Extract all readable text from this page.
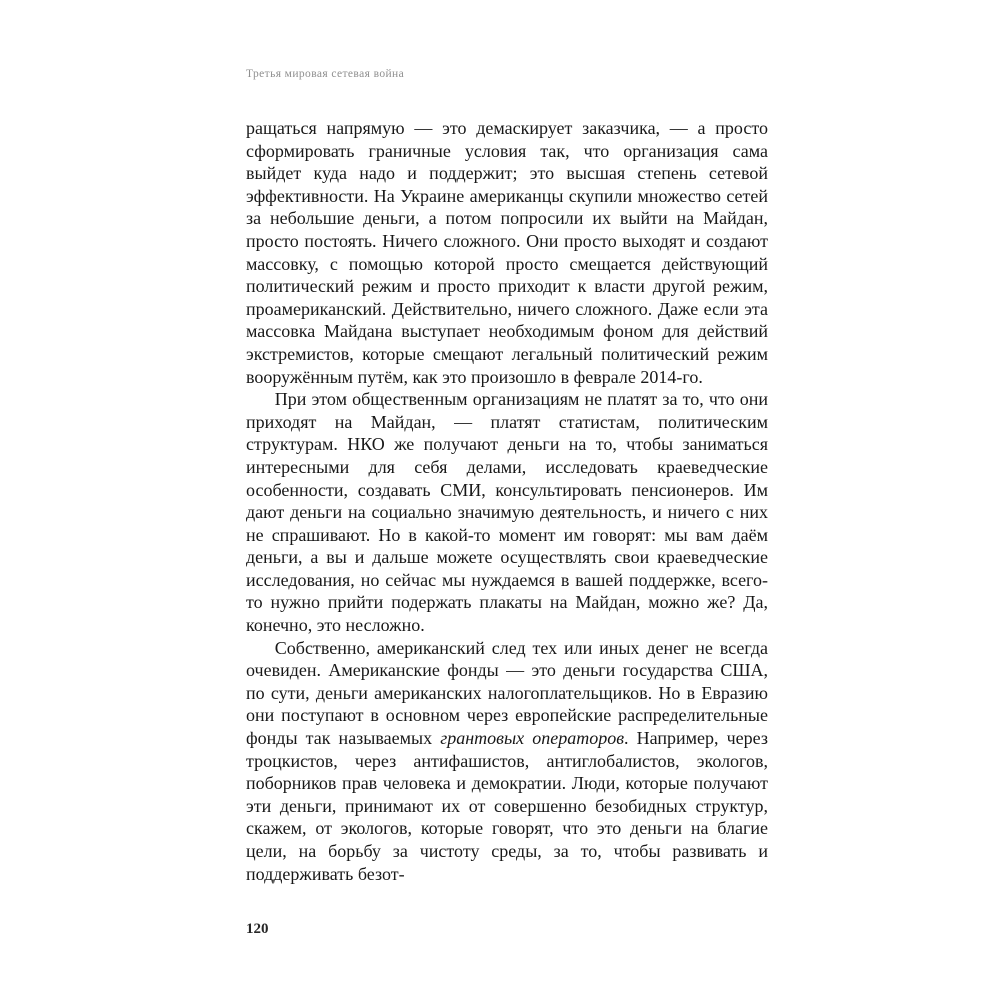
Третья мировая сетевая война

ращаться напрямую — это демаскирует заказчика, — а просто сформировать граничные условия так, что организация сама выйдет куда надо и поддержит; это высшая степень сетевой эффективности. На Украине американцы скупили множество сетей за небольшие деньги, а потом попросили их выйти на Майдан, просто постоять. Ничего сложного. Они просто выходят и создают массовку, с помощью которой просто смещается действующий политический режим и просто приходит к власти другой режим, проамериканский. Действительно, ничего сложного. Даже если эта массовка Майдана выступает необходимым фоном для действий экстремистов, которые смещают легальный политический режим вооружённым путём, как это произошло в феврале 2014-го.

При этом общественным организациям не платят за то, что они приходят на Майдан, — платят статистам, политическим структурам. НКО же получают деньги на то, чтобы заниматься интересными для себя делами, исследовать краеведческие особенности, создавать СМИ, консультировать пенсионеров. Им дают деньги на социально значимую деятельность, и ничего с них не спрашивают. Но в какой-то момент им говорят: мы вам даём деньги, а вы и дальше можете осуществлять свои краеведческие исследования, но сейчас мы нуждаемся в вашей поддержке, всего-то нужно прийти подержать плакаты на Майдан, можно же? Да, конечно, это несложно.

Собственно, американский след тех или иных денег не всегда очевиден. Американские фонды — это деньги государства США, по сути, деньги американских налогоплательщиков. Но в Евразию они поступают в основном через европейские распределительные фонды так называемых грантовых операторов. Например, через троцкистов, через антифашистов, антиглобалистов, экологов, поборников прав человека и демократии. Люди, которые получают эти деньги, принимают их от совершенно безобидных структур, скажем, от экологов, которые говорят, что это деньги на благие цели, на борьбу за чистоту среды, за то, чтобы развивать и поддерживать безот-

120
